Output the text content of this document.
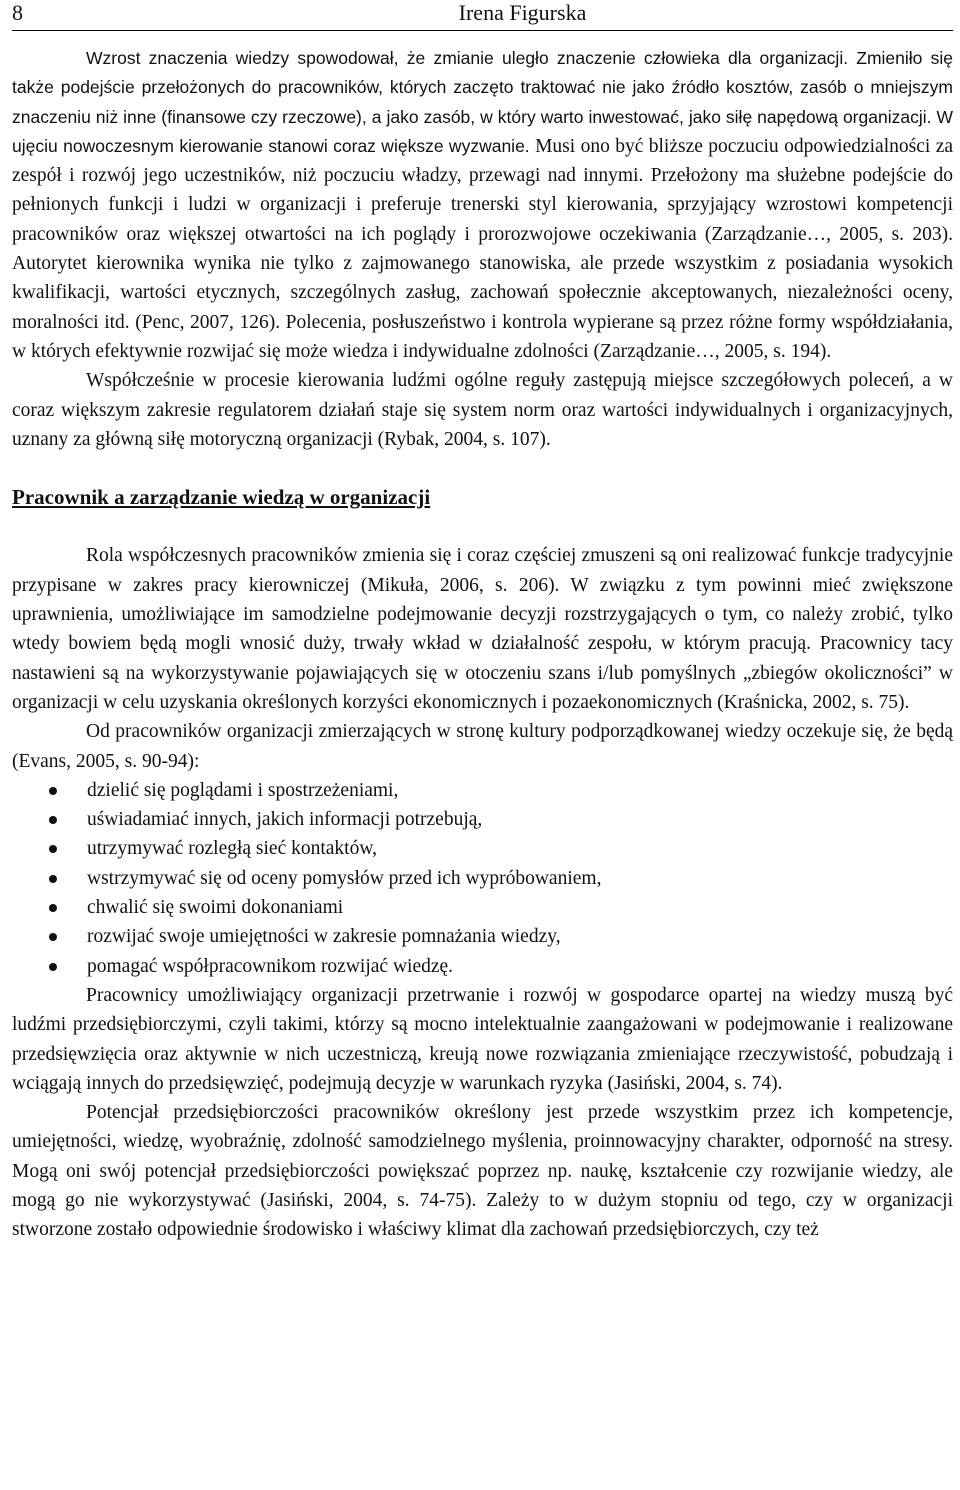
8	Irena Figurska

Wzrost znaczenia wiedzy spowodował, że zmianie uległo znaczenie człowieka dla organizacji. Zmieniło się także podejście przełożonych do pracowników, których zaczęto traktować nie jako źródło kosztów, zasób o mniejszym znaczeniu niż inne (finansowe czy rzeczowe), a jako zasób, w który warto inwestować, jako siłę napędową organizacji. W ujęciu nowoczesnym kierowanie stanowi coraz większe wyzwanie. Musi ono być bliższe poczuciu odpowiedzialności za zespół i rozwój jego uczestników, niż poczuciu władzy, przewagi nad innymi. Przełożony ma służebne podejście do pełnionych funkcji i ludzi w organizacji i preferuje trenerski styl kierowania, sprzyjający wzrostowi kompetencji pracowników oraz większej otwartości na ich poglądy i prorozwojowe oczekiwania (Zarządzanie…, 2005, s. 203). Autorytet kierownika wynika nie tylko z zajmowanego stanowiska, ale przede wszystkim z posiadania wysokich kwalifikacji, wartości etycznych, szczególnych zasług, zachowań społecznie akceptowanych, niezależności oceny, moralności itd. (Penc, 2007, 126). Polecenia, posłuszeństwo i kontrola wypierane są przez różne formy współdziałania, w których efektywnie rozwijać się może wiedza i indywidualne zdolności (Zarządzanie…, 2005, s. 194).

Współcześnie w procesie kierowania ludźmi ogólne reguły zastępują miejsce szczegółowych poleceń, a w coraz większym zakresie regulatorem działań staje się system norm oraz wartości indywidualnych i organizacyjnych, uznany za główną siłę motoryczną organizacji (Rybak, 2004, s. 107).

Pracownik a zarządzanie wiedzą w organizacji

Rola współczesnych pracowników zmienia się i coraz częściej zmuszeni są oni realizować funkcje tradycyjnie przypisane w zakres pracy kierowniczej (Mikuła, 2006, s. 206). W związku z tym powinni mieć zwiększone uprawnienia, umożliwiające im samodzielne podejmowanie decyzji rozstrzygających o tym, co należy zrobić, tylko wtedy bowiem będą mogli wnosić duży, trwały wkład w działalność zespołu, w którym pracują. Pracownicy tacy nastawieni są na wykorzystywanie pojawiających się w otoczeniu szans i/lub pomyślnych „zbiegów okoliczności” w organizacji w celu uzyskania określonych korzyści ekonomicznych i pozaekonomicznych (Kraśnicka, 2002, s. 75).

Od pracowników organizacji zmierzających w stronę kultury podporządkowanej wiedzy oczekuje się, że będą (Evans, 2005, s. 90-94):

dzielić się poglądami i spostrzeżeniami,
uświadamiać innych, jakich informacji potrzebują,
utrzymywać rozległą sieć kontaktów,
wstrzymywać się od oceny pomysłów przed ich wypróbowaniem,
chwalić się swoimi dokonaniami
rozwijać swoje umiejętności w zakresie pomnażania wiedzy,
pomagać współpracownikom rozwijać wiedzę.

Pracownicy umożliwiający organizacji przetrwanie i rozwój w gospodarce opartej na wiedzy muszą być ludźmi przedsiębiorczymi, czyli takimi, którzy są mocno intelektualnie zaangażowani w podejmowanie i realizowane przedsięwzięcia oraz aktywnie w nich uczestniczą, kreują nowe rozwiązania zmieniające rzeczywistość, pobudzają i wciągają innych do przedsięwzięć, podejmują decyzje w warunkach ryzyka (Jasiński, 2004, s. 74).

Potencjał przedsiębiorczości pracowników określony jest przede wszystkim przez ich kompetencje, umiejętności, wiedzę, wyobraźnię, zdolność samodzielnego myślenia, proinnowacyjny charakter, odporność na stresy. Mogą oni swój potencjał przedsiębiorczości powiększać poprzez np. naukę, kształcenie czy rozwijanie wiedzy, ale mogą go nie wykorzystywać (Jasiński, 2004, s. 74-75). Zależy to w dużym stopniu od tego, czy w organizacji stworzone zostało odpowiednie środowisko i właściwy klimat dla zachowań przedsiębiorczych, czy też
